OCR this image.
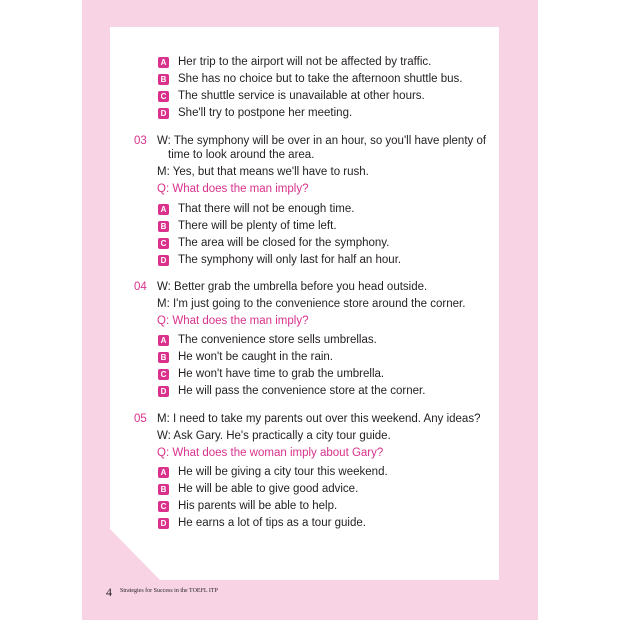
A Her trip to the airport will not be affected by traffic.
B She has no choice but to take the afternoon shuttle bus.
C The shuttle service is unavailable at other hours.
D She'll try to postpone her meeting.
03 W: The symphony will be over in an hour, so you'll have plenty of
time to look around the area.
M: Yes, but that means we'll have to rush.
Q: What does the man imply?
A That there will not be enough time.
B There will be plenty of time left.
C The area will be closed for the symphony.
D The symphony will only last for half an hour.
04 W: Better grab the umbrella before you head outside.
M: I'm just going to the convenience store around the corner.
Q: What does the man imply?
A The convenience store sells umbrellas.
B He won't be caught in the rain.
C He won't have time to grab the umbrella.
D He will pass the convenience store at the corner.
05 M: I need to take my parents out over this weekend. Any ideas?
W: Ask Gary. He's practically a city tour guide.
Q: What does the woman imply about Gary?
A He will be giving a city tour this weekend.
B He will be able to give good advice.
C His parents will be able to help.
D He earns a lot of tips as a tour guide.
4 Strategies for Success in the TOEFL ITP
